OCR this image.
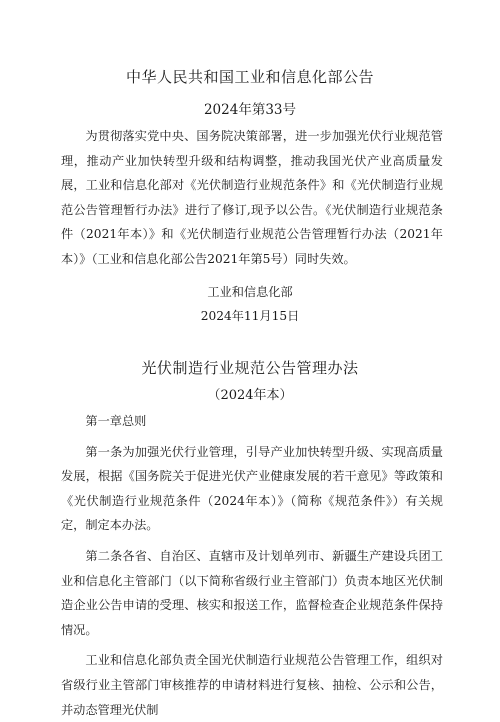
中华人民共和国工业和信息化部公告
2024年第33号

为贯彻落实党中央、国务院决策部署，进一步加强光伏行业规范管理，推动产业加快转型升级和结构调整，推动我国光伏产业高质量发展，工业和信息化部对《光伏制造行业规范条件》和《光伏制造行业规范公告管理暂行办法》进行了修订,现予以公告。《光伏制造行业规范条件（2021年本）》和《光伏制造行业规范公告管理暂行办法（2021年本）》（工业和信息化部公告2021年第5号）同时失效。

工业和信息化部
2024年11月15日
光伏制造行业规范公告管理办法
（2024年本）

第一章总则

第一条为加强光伏行业管理，引导产业加快转型升级、实现高质量发展，根据《国务院关于促进光伏产业健康发展的若干意见》等政策和《光伏制造行业规范条件（2024年本）》（简称《规范条件》）有关规定，制定本办法。

第二条各省、自治区、直辖市及计划单列市、新疆生产建设兵团工业和信息化主管部门（以下简称省级行业主管部门）负责本地区光伏制造企业公告申请的受理、核实和报送工作，监督检查企业规范条件保持情况。

工业和信息化部负责全国光伏制造行业规范公告管理工作，组织对省级行业主管部门审核推荐的申请材料进行复核、抽检、公示和公告，并动态管理光伏制
